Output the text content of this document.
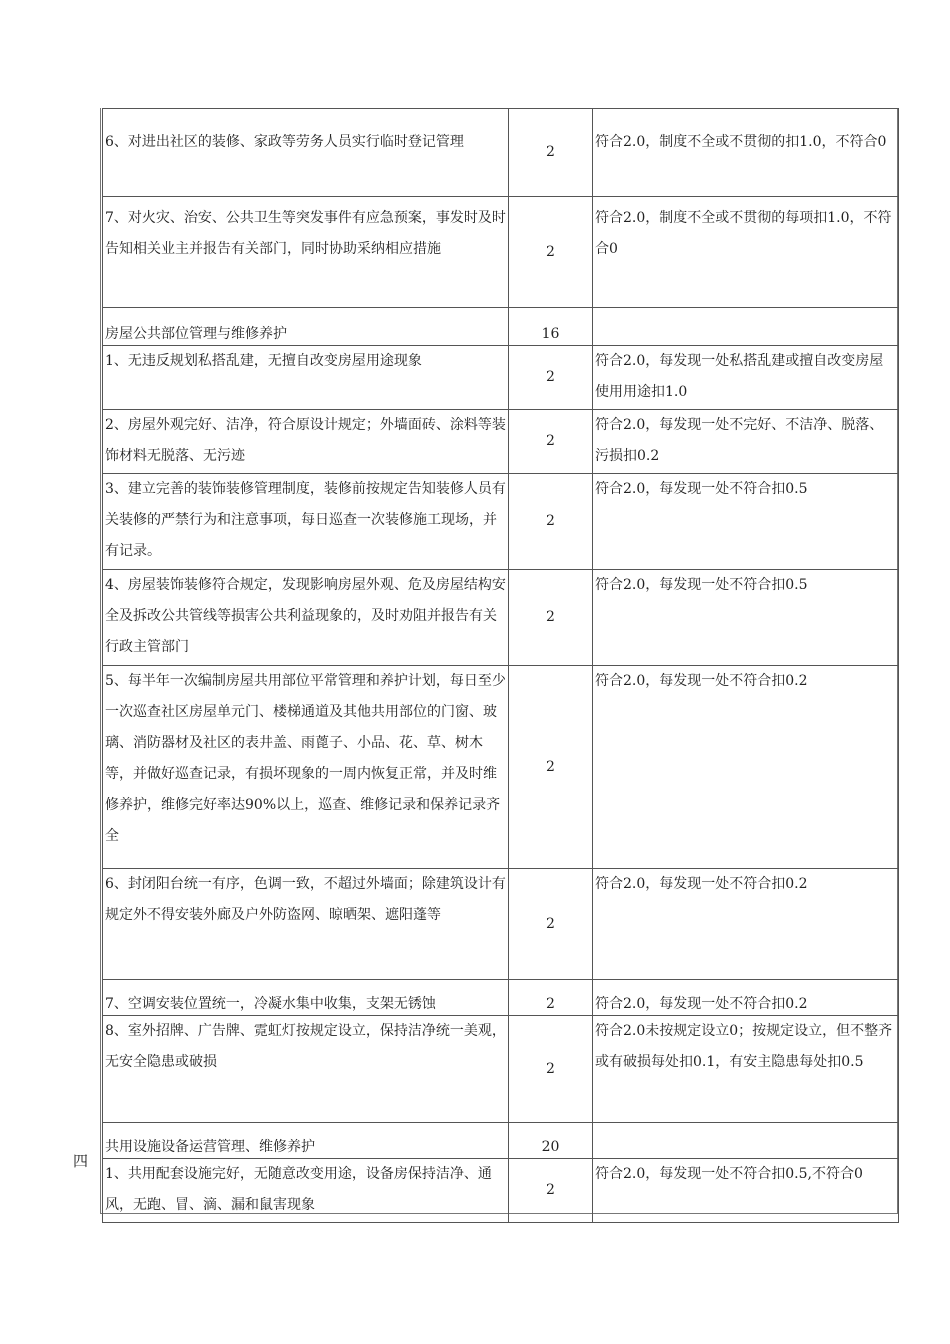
6、对进出社区的装修、家政等劳务人员实行临时登记管理	2	符合2.0，制度不全或不贯彻的扣1.0，不符合0
7、对火灾、治安、公共卫生等突发事件有应急预案，事发时及时告知相关业主并报告有关部门，同时协助采纳相应措施	2	符合2.0，制度不全或不贯彻的每项扣1.0，不符合0
房屋公共部位管理与维修养护	16	
1、无违反规划私搭乱建，无擅自改变房屋用途现象	2	符合2.0，每发现一处私搭乱建或擅自改变房屋使用用途扣1.0
2、房屋外观完好、洁净，符合原设计规定；外墙面砖、涂料等装饰材料无脱落、无污迹	2	符合2.0，每发现一处不完好、不洁净、脱落、污损扣0.2
3、建立完善的装饰装修管理制度，装修前按规定告知装修人员有关装修的严禁行为和注意事项，每日巡查一次装修施工现场，并有记录。	2	符合2.0，每发现一处不符合扣0.5
4、房屋装饰装修符合规定，发现影响房屋外观、危及房屋结构安全及拆改公共管线等损害公共利益现象的，及时劝阻并报告有关行政主管部门	2	符合2.0，每发现一处不符合扣0.5
5、每半年一次编制房屋共用部位平常管理和养护计划，每日至少一次巡查社区房屋单元门、楼梯通道及其他共用部位的门窗、玻璃、消防器材及社区的表井盖、雨蓖子、小品、花、草、树木等，并做好巡查记录，有损坏现象的一周内恢复正常，并及时维修养护，维修完好率达90%以上，巡查、维修记录和保养记录齐全	2	符合2.0，每发现一处不符合扣0.2
6、封闭阳台统一有序，色调一致，不超过外墙面；除建筑设计有规定外不得安装外廊及户外防盗网、晾晒架、遮阳蓬等	2	符合2.0，每发现一处不符合扣0.2
7、空调安装位置统一，冷凝水集中收集，支架无锈蚀	2	符合2.0，每发现一处不符合扣0.2
8、室外招牌、广告牌、霓虹灯按规定设立，保持洁净统一美观，无安全隐患或破损	2	符合2.0未按规定设立0；按规定设立，但不整齐或有破损每处扣0.1，有安主隐患每处扣0.5
共用设施设备运营管理、维修养护	20	
1、共用配套设施完好，无随意改变用途，设备房保持洁净、通风，无跑、冒、滴、漏和鼠害现象	2	符合2.0，每发现一处不符合扣0.5,不符合0
四
